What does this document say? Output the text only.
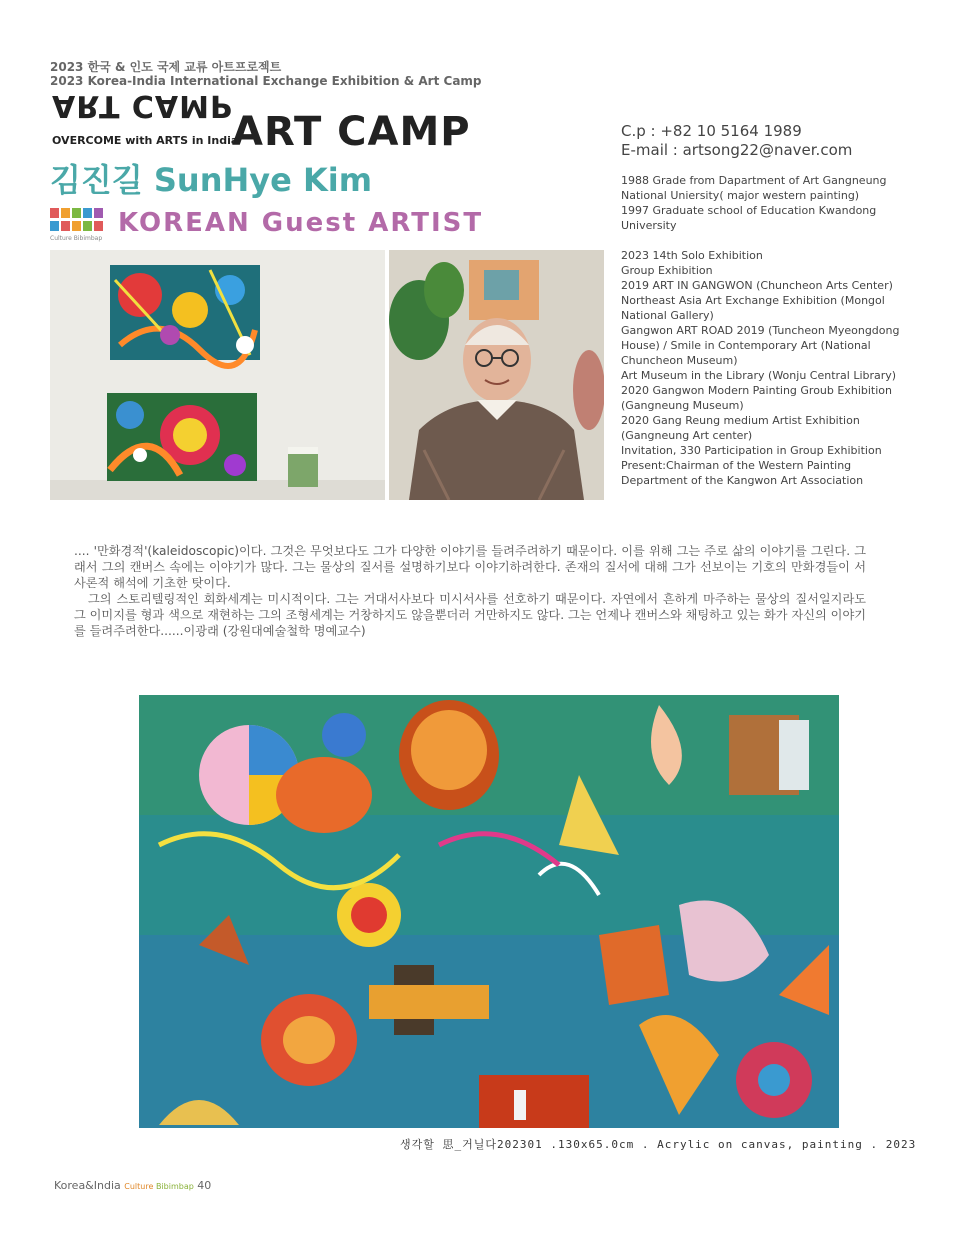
2023 한국 & 인도 국제 교류 아트프로젝트
2023 Korea-India International Exchange Exhibition & Art Camp
ART CAMP
OVERCOME with ARTS in India
ART CAMP
김진길 SunHye Kim
Culture Bibimbap
KOREAN Guest ARTIST
C.p : +82 10 5164 1989
E-mail : artsong22@naver.com

1988 Grade from Dapartment of Art Gangneung National Uniersity( major western painting)

1997 Graduate school of Education Kwandong University

2023 14th Solo Exhibition

Group Exhibition

2019 ART IN GANGWON (Chuncheon Arts Center)

Northeast Asia Art Exchange Exhibition (Mongol National Gallery)

Gangwon ART ROAD 2019 (Tuncheon Myeongdong House) / Smile in Contemporary Art (National Chuncheon Museum)

Art Museum in the Library (Wonju Central Library)

2020 Gangwon Modern Painting Groub Exhibition (Gangneung Museum)

2020 Gang Reung medium Artist Exhibition (Gangneung Art center)

Invitation, 330 Participation in Group Exhibition

Present:Chairman of the Western Painting

Department of the Kangwon Art Association

.... '만화경적'(kaleidoscopic)이다. 그것은 무엇보다도 그가 다양한 이야기를 들려주려하기 때문이다. 이를 위해 그는 주로 삶의 이야기를 그린다. 그래서 그의 캔버스 속에는 이야기가 많다. 그는 물상의 질서를 설명하기보다 이야기하려한다. 존재의 질서에 대해 그가 선보이는 기호의 만화경들이 서사론적 해석에 기초한 탓이다.

그의 스토리텔링적인 회화세계는 미시적이다. 그는 거대서사보다 미시서사를 선호하기 때문이다. 자연에서 흔하게 마주하는 물상의 질서일지라도 그 이미지를 형과 색으로 재현하는 그의 조형세계는 거창하지도 않을뿐더러 거만하지도 않다. 그는 언제나 캔버스와 채팅하고 있는 화가 자신의 이야기를 들려주려한다......이광래 (강원대예술철학 명예교수)

생각할 思_거닐다202301 .130x65.0cm . Acrylic on canvas, painting . 2023
Korea&India Culture Bibimbap 40
